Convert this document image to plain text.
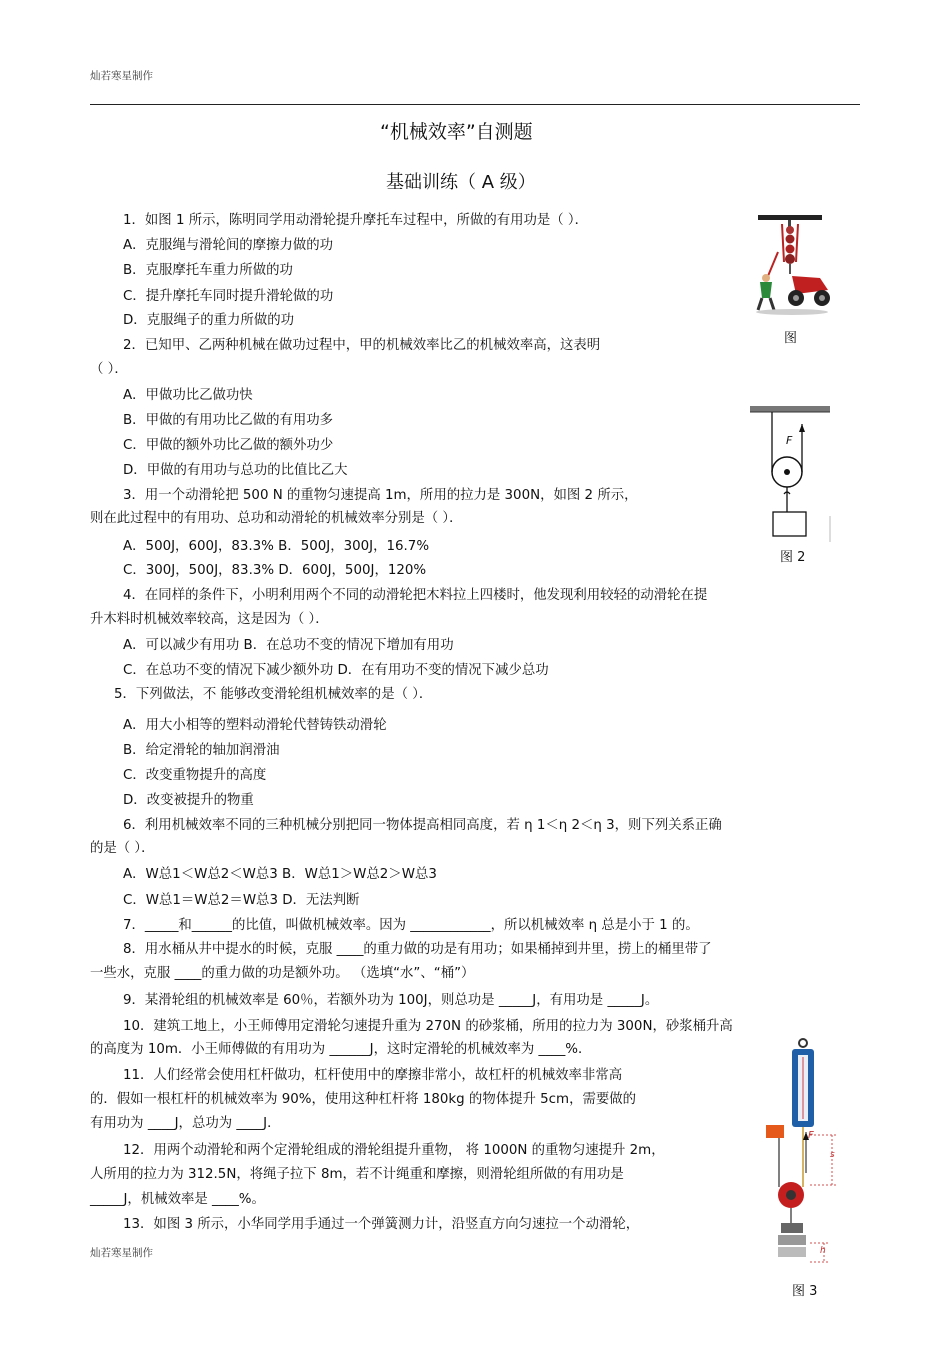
灿若寒星制作
“机械效率”自测题
基础训练（ A 级）
1．如图 1 所示，陈明同学用动滑轮提升摩托车过程中，所做的有用功是（ ）．
A．克服绳与滑轮间的摩擦力做的功
B．克服摩托车重力所做的功
C．提升摩托车同时提升滑轮做的功
D．克服绳子的重力所做的功
2．已知甲、乙两种机械在做功过程中，甲的机械效率比乙的机械效率高，这表明
（ ）．
A．甲做功比乙做功快
B．甲做的有用功比乙做的有用功多
C．甲做的额外功比乙做的额外功少
D．甲做的有用功与总功的比值比乙大
3．用一个动滑轮把 500 N 的重物匀速提高 1m，所用的拉力是 300N，如图 2 所示，
则在此过程中的有用功、总功和动滑轮的机械效率分别是（ ）．
A．500J，600J，83.3% B．500J，300J，16.7%
C．300J，500J，83.3% D．600J，500J，120%
4．在同样的条件下，小明利用两个不同的动滑轮把木料拉上四楼时，他发现利用较轻的动滑轮在提
升木料时机械效率较高，这是因为（ ）．
A．可以减少有用功 B．在总功不变的情况下增加有用功
C．在总功不变的情况下减少额外功 D．在有用功不变的情况下减少总功
5．下列做法，不 能够改变滑轮组机械效率的是（ ）．
A．用大小相等的塑料动滑轮代替铸铁动滑轮
B．给定滑轮的轴加润滑油
C．改变重物提升的高度
D．改变被提升的物重
6．利用机械效率不同的三种机械分别把同一物体提高相同高度，若 η 1＜η 2＜η 3，则下列关系正确
的是（ ）．
A．W总1＜W总2＜W总3 B．W总1＞W总2＞W总3
C．W总1＝W总2＝W总3 D．无法判断
7．_____和______的比值，叫做机械效率。因为 ____________，所以机械效率 η 总是小于 1 的。
8．用水桶从井中提水的时候，克服 ____的重力做的功是有用功；如果桶掉到井里，捞上的桶里带了
一些水，克服 ____的重力做的功是额外功。 （选填“水”、“桶”）
9．某滑轮组的机械效率是 60％，若额外功为 100J，则总功是 _____J，有用功是 _____J。
10．建筑工地上，小王师傅用定滑轮匀速提升重为 270N 的砂浆桶，所用的拉力为 300N，砂浆桶升高
的高度为 10m．小王师傅做的有用功为 ______J，这时定滑轮的机械效率为 ____%．
11．人们经常会使用杠杆做功，杠杆使用中的摩擦非常小，故杠杆的机械效率非常高
的．假如一根杠杆的机械效率为 90%，使用这种杠杆将 180kg 的物体提升 5cm，需要做的
有用功为 ____J，总功为 ____J．
12．用两个动滑轮和两个定滑轮组成的滑轮组提升重物， 将 1000N 的重物匀速提升 2m，
人所用的拉力为 312.5N，将绳子拉下 8m，若不计绳重和摩擦，则滑轮组所做的有用功是
_____J，机械效率是 ____%。
13．如图 3 所示，小华同学用手通过一个弹簧测力计，沿竖直方向匀速拉一个动滑轮，
图
F
图 2
F
s
h
图 3
灿若寒星制作
